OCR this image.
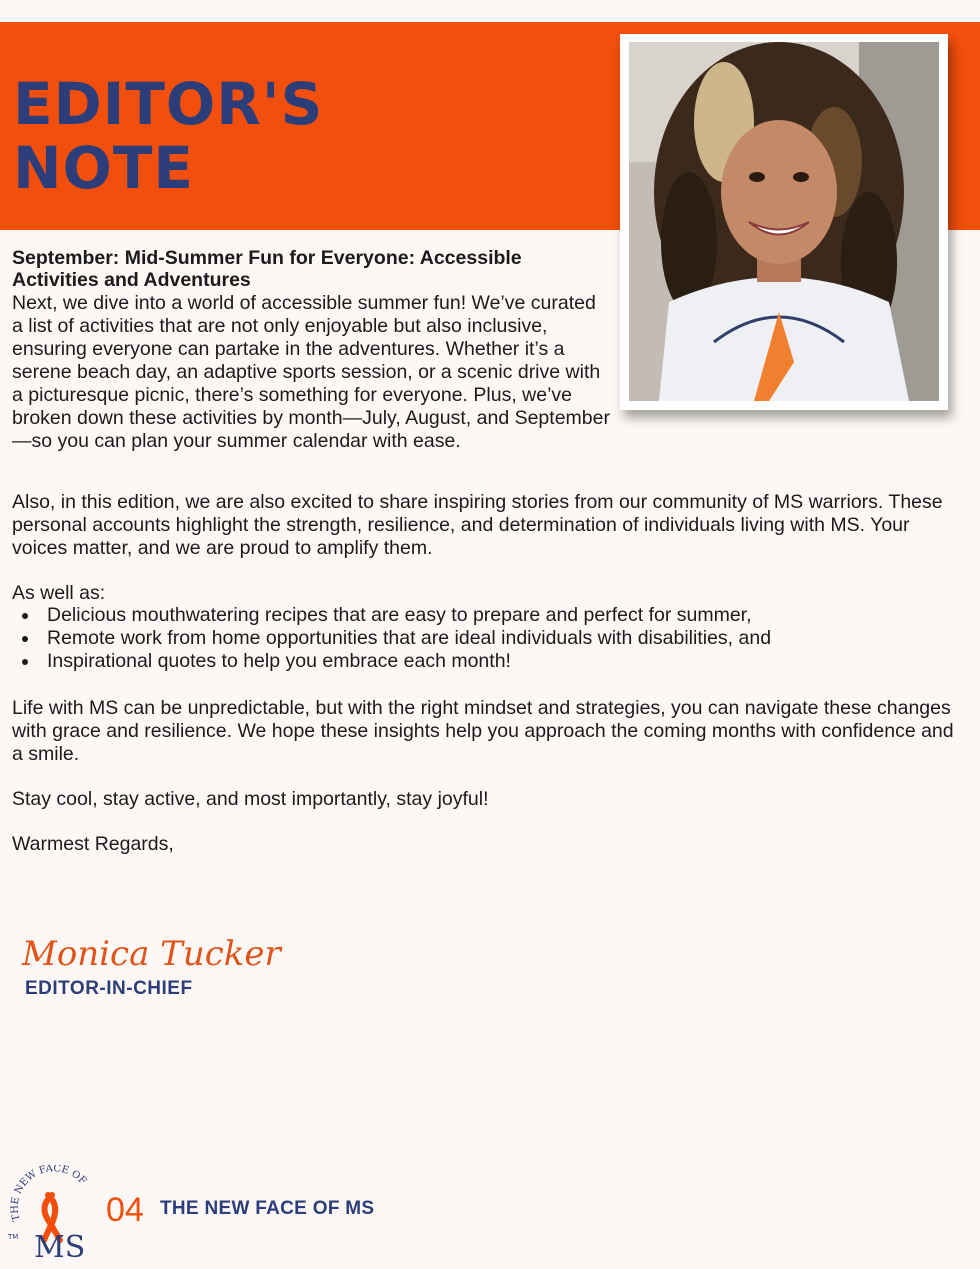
EDITOR'S
NOTE
September: Mid-Summer Fun for Everyone: Accessible Activities and Adventures

Next, we dive into a world of accessible summer fun! We’ve curated a list of activities that are not only enjoyable but also inclusive, ensuring everyone can partake in the adventures. Whether it’s a serene beach day, an adaptive sports session, or a scenic drive with a picturesque picnic, there’s something for everyone. Plus, we’ve broken down these activities by month—July, August, and September—so you can plan your summer calendar with ease.

Also, in this edition, we are also excited to share inspiring stories from our community of MS warriors. These personal accounts highlight the strength, resilience, and determination of individuals living with MS. Your voices matter, and we are proud to amplify them.

As well as:

Delicious mouthwatering recipes that are easy to prepare and perfect for summer,
Remote work from home opportunities that are ideal individuals with disabilities, and
Inspirational quotes to help you embrace each month!

Life with MS can be unpredictable, but with the right mindset and strategies, you can navigate these changes with grace and resilience. We hope these insights help you approach the coming months with confidence and a smile.

Stay cool, stay active, and most importantly, stay joyful!

Warmest Regards,

Monica Tucker
EDITOR-IN-CHIEF
THE NEW FACE OF
MS
TM
04 THE NEW FACE OF MS
